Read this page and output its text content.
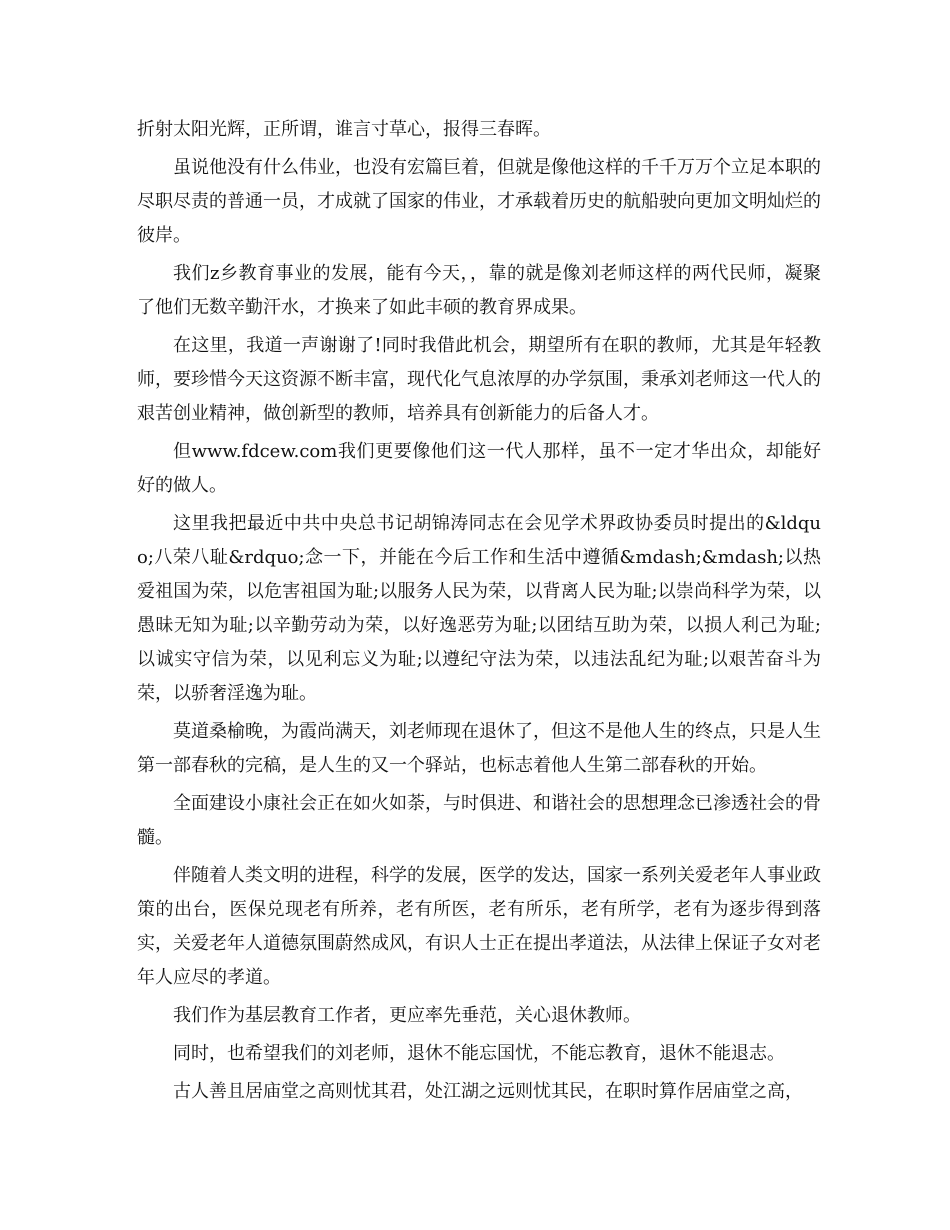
折射太阳光辉，正所谓，谁言寸草心，报得三春晖。

虽说他没有什么伟业，也没有宏篇巨着，但就是像他这样的千千万万个立足本职的尽职尽责的普通一员，才成就了国家的伟业，才承载着历史的航船驶向更加文明灿烂的彼岸。

我们z乡教育事业的发展，能有今天，，靠的就是像刘老师这样的两代民师，凝聚了他们无数辛勤汗水，才换来了如此丰硕的教育界成果。

在这里，我道一声谢谢了!同时我借此机会，期望所有在职的教师，尤其是年轻教师，要珍惜今天这资源不断丰富，现代化气息浓厚的办学氛围，秉承刘老师这一代人的艰苦创业精神，做创新型的教师，培养具有创新能力的后备人才。

但www.fdcew.com我们更要像他们这一代人那样，虽不一定才华出众，却能好好的做人。

这里我把最近中共中央总书记胡锦涛同志在会见学术界政协委员时提出的&ldquo;八荣八耻&rdquo;念一下，并能在今后工作和生活中遵循&mdash;&mdash;以热爱祖国为荣，以危害祖国为耻;以服务人民为荣，以背离人民为耻;以崇尚科学为荣，以愚昧无知为耻;以辛勤劳动为荣，以好逸恶劳为耻;以团结互助为荣，以损人利己为耻;以诚实守信为荣，以见利忘义为耻;以遵纪守法为荣，以违法乱纪为耻;以艰苦奋斗为荣，以骄奢淫逸为耻。

莫道桑榆晚，为霞尚满天，刘老师现在退休了，但这不是他人生的终点，只是人生第一部春秋的完稿，是人生的又一个驿站，也标志着他人生第二部春秋的开始。

全面建设小康社会正在如火如荼，与时俱进、和谐社会的思想理念已渗透社会的骨髓。

伴随着人类文明的进程，科学的发展，医学的发达，国家一系列关爱老年人事业政策的出台，医保兑现老有所养，老有所医，老有所乐，老有所学，老有为逐步得到落实，关爱老年人道德氛围蔚然成风，有识人士正在提出孝道法，从法律上保证子女对老年人应尽的孝道。

我们作为基层教育工作者，更应率先垂范，关心退休教师。

同时，也希望我们的刘老师，退休不能忘国忧，不能忘教育，退休不能退志。

古人善且居庙堂之高则忧其君，处江湖之远则忧其民，在职时算作居庙堂之高，
